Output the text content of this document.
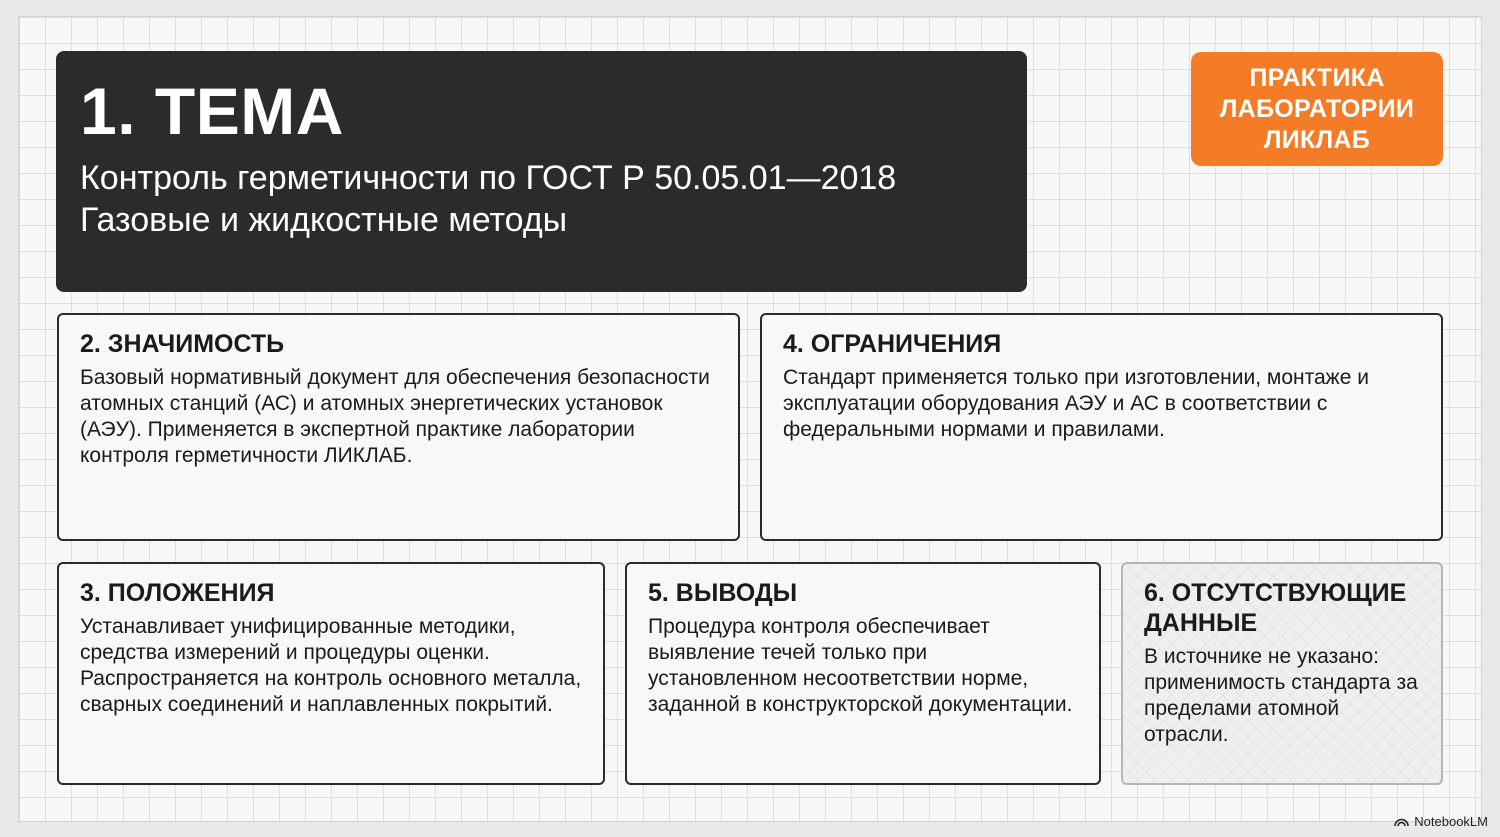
1. ТЕМА
Контроль герметичности по ГОСТ Р 50.05.01—2018
Газовые и жидкостные методы
ПРАКТИКА
ЛАБОРАТОРИИ
ЛИКЛАБ
2. ЗНАЧИМОСТЬ

Базовый нормативный документ для обеспечения безопасности атомных станций (АС) и атомных энергетических установок (АЭУ). Применяется в экспертной практике лаборатории контроля герметичности ЛИКЛАБ.

4. ОГРАНИЧЕНИЯ

Стандарт применяется только при изготовлении, монтаже и эксплуатации оборудования АЭУ и АС в соответствии с федеральными нормами и правилами.

3. ПОЛОЖЕНИЯ

Устанавливает унифицированные методики, средства измерений и процедуры оценки. Распространяется на контроль основного металла, сварных соединений и наплавленных покрытий.

5. ВЫВОДЫ

Процедура контроля обеспечивает выявление течей только при установленном несоответствии норме, заданной в конструкторской документации.

6. ОТСУТСТВУЮЩИЕ ДАННЫЕ

В источнике не указано: применимость стандарта за пределами атомной отрасли.

NotebookLM
